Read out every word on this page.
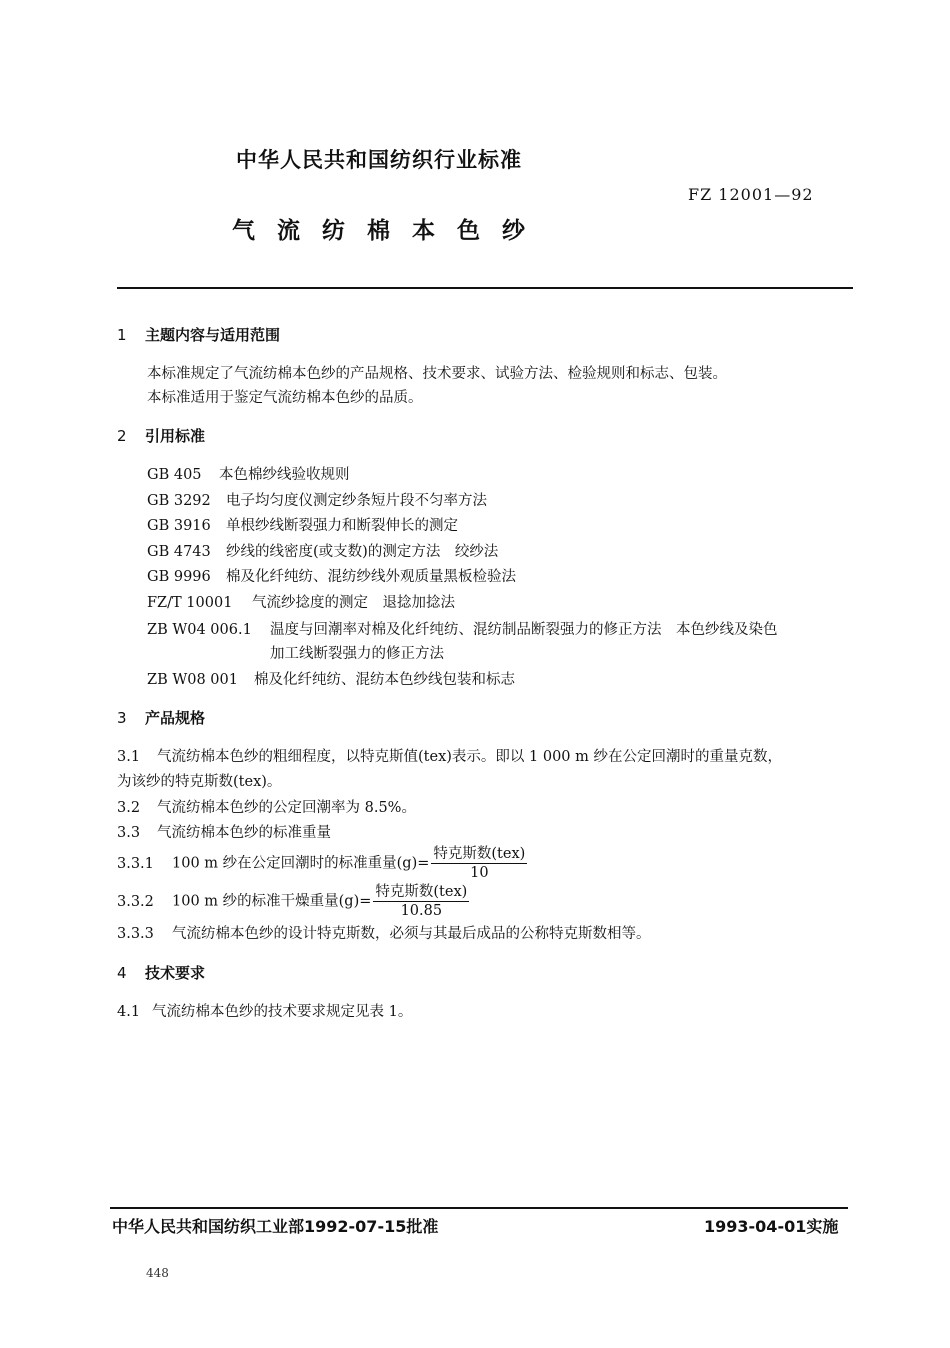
中华人民共和国纺织行业标准
FZ 12001—92
气流纺棉本色纱
1 主题内容与适用范围
本标准规定了气流纺棉本色纱的产品规格、技术要求、试验方法、检验规则和标志、包装。
本标准适用于鉴定气流纺棉本色纱的品质。
2 引用标准
GB 405 本色棉纱线验收规则
GB 3292 电子均匀度仪测定纱条短片段不匀率方法
GB 3916 单根纱线断裂强力和断裂伸长的测定
GB 4743 纱线的线密度(或支数)的测定方法　绞纱法
GB 9996 棉及化纤纯纺、混纺纱线外观质量黑板检验法
FZ/T 10001 气流纱捻度的测定　退捻加捻法
ZB W04 006.1 温度与回潮率对棉及化纤纯纺、混纺制品断裂强力的修正方法　本色纱线及染色
加工线断裂强力的修正方法
ZB W08 001 棉及化纤纯纺、混纺本色纱线包装和标志
3 产品规格
3.1 气流纺棉本色纱的粗细程度，以特克斯值(tex)表示。即以 1 000 m 纱在公定回潮时的重量克数，
为该纱的特克斯数(tex)。
3.2 气流纺棉本色纱的公定回潮率为 8.5%。
3.3 气流纺棉本色纱的标准重量
3.3.1 100 m 纱在公定回潮时的标准重量$(g)= \frac{\text{特克斯数(tex)}}{10}$
3.3.2 100 m 纱的标准干燥重量$(g)= \frac{\text{特克斯数(tex)}}{10.85}$
3.3.3 气流纺棉本色纱的设计特克斯数，必须与其最后成品的公称特克斯数相等。
4 技术要求
4.1 气流纺棉本色纱的技术要求规定见表 1。
中华人民共和国纺织工业部1992-07-15批准	1993-04-01实施
448
